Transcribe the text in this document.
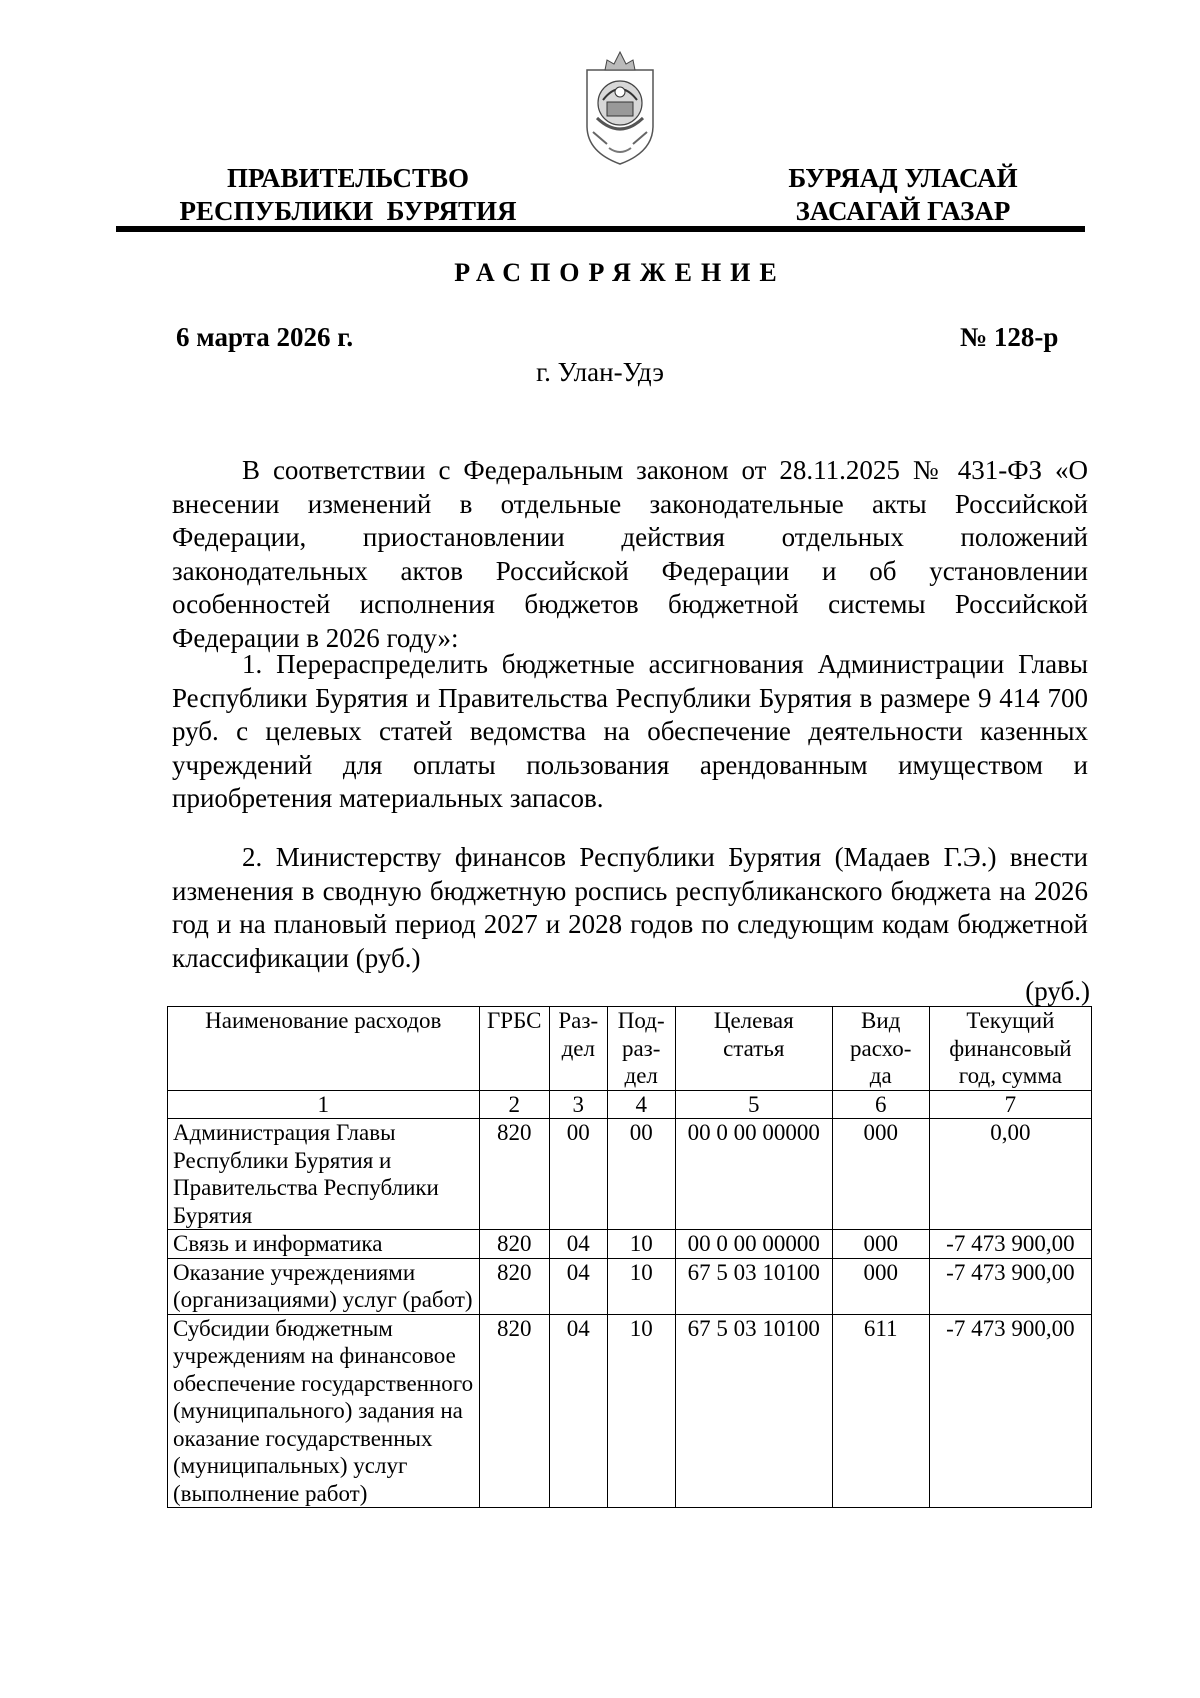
ПРАВИТЕЛЬСТВО
РЕСПУБЛИКИ  БУРЯТИЯ
БУРЯАД УЛАСАЙ
ЗАСАГАЙ ГАЗАР
РАСПОРЯЖЕНИЕ
6 марта 2026 г.	№ 128-р
г. Улан-Удэ

В соответствии с Федеральным законом от 28.11.2025 № 431-ФЗ «О внесении изменений в отдельные законодательные акты Российской Федерации, приостановлении действия отдельных положений законодательных актов Российской Федерации и об установлении особенностей исполнения бюджетов бюджетной системы Российской Федерации в 2026 году»:

1. Перераспределить бюджетные ассигнования Администрации Главы Республики Бурятия и Правительства Республики Бурятия в размере 9 414 700 руб. с целевых статей ведомства на обеспечение деятельности казенных учреждений для оплаты пользования арендованным имуществом и приобретения материальных запасов.

2. Министерству финансов Республики Бурятия (Мадаев Г.Э.) внести изменения в сводную бюджетную роспись республиканского бюджета на 2026 год и на плановый период 2027 и 2028 годов по следующим кодам бюджетной классификации (руб.)

(руб.)
Наименование расходов	ГРБС	Раз- дел	Под- раз- дел	Целевая статья	Вид расхо- да	Текущий финансовый год, сумма
1	2	3	4	5	6	7
Администрация Главы Республики Бурятия и Правительства Республики Бурятия	820	00	00	00 0 00 00000	000	0,00
Связь и информатика	820	04	10	00 0 00 00000	000	-7 473 900,00
Оказание учреждениями (организациями) услуг (работ)	820	04	10	67 5 03 10100	000	-7 473 900,00
Субсидии бюджетным учреждениям на финансовое обеспечение государственного (муниципального) задания на оказание государственных (муниципальных) услуг (выполнение работ)	820	04	10	67 5 03 10100	611	-7 473 900,00
